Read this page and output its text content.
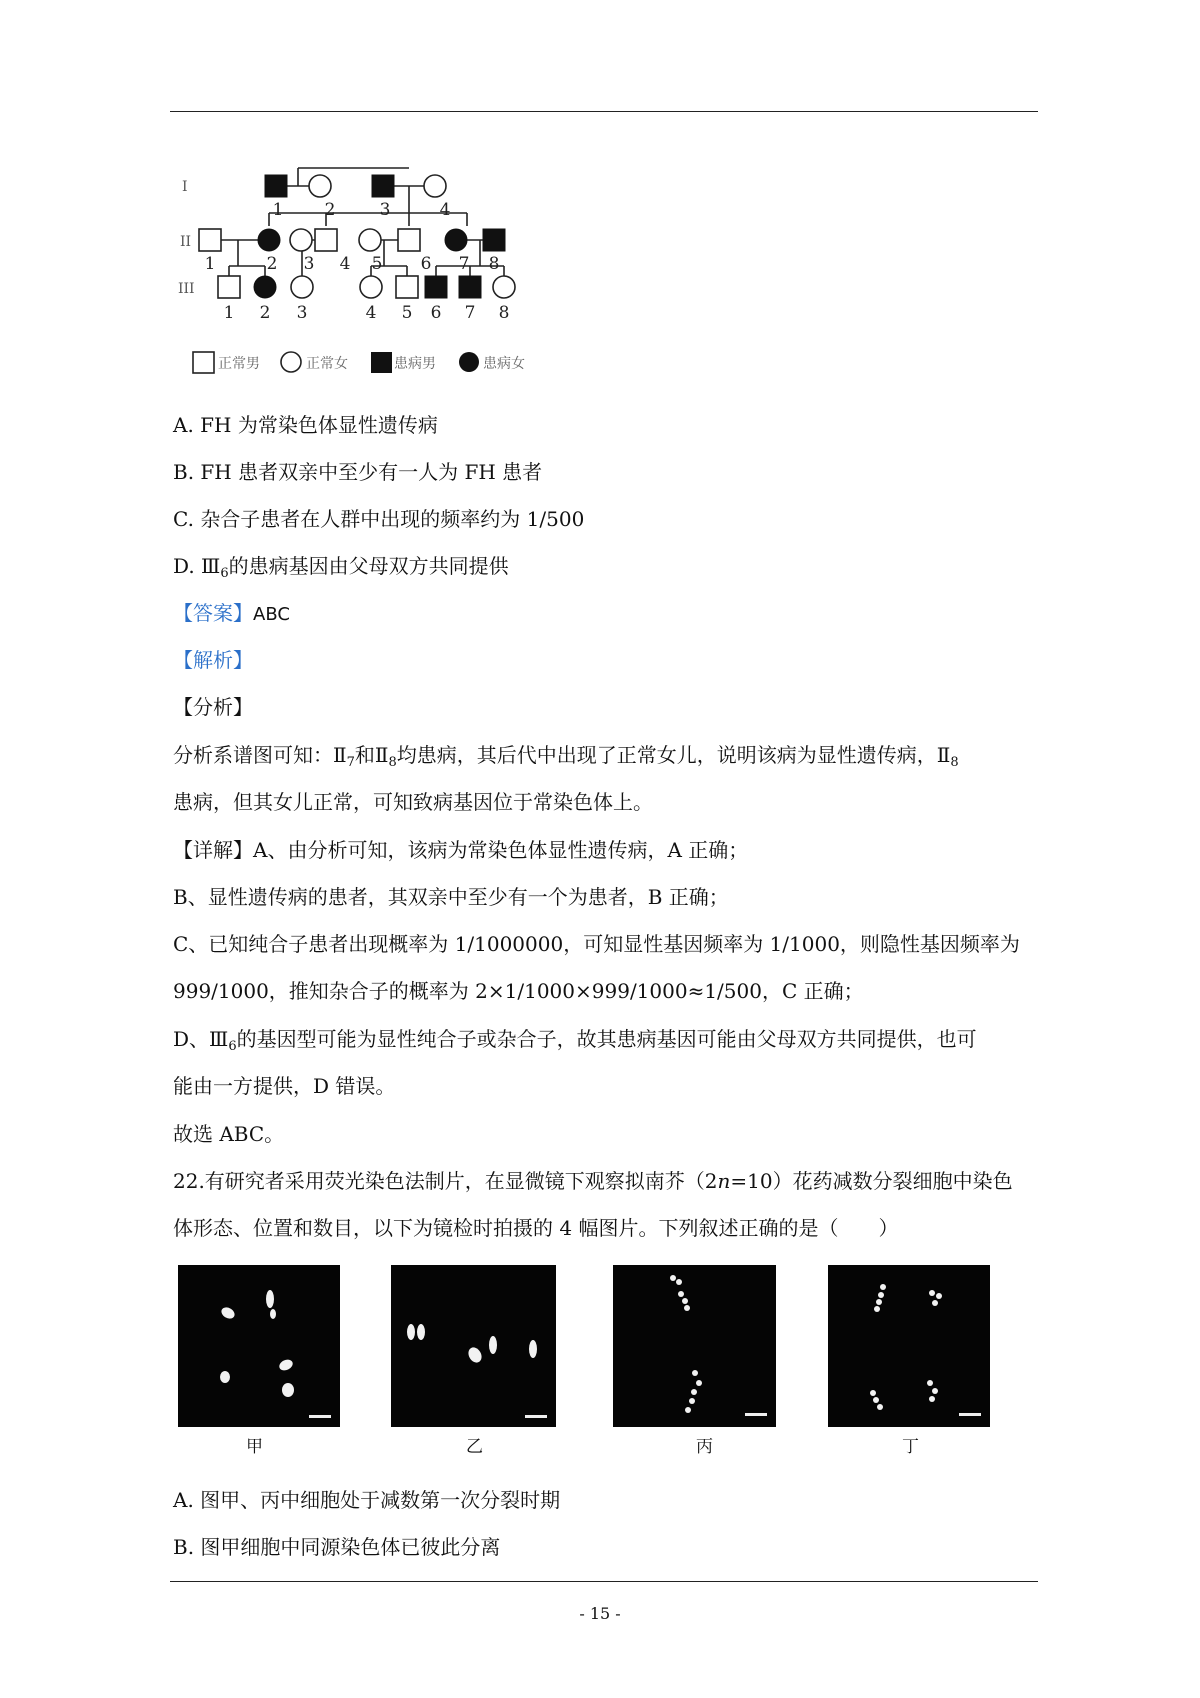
I
II
III
1 2	3	4
1	2 3 4 5 6 7 8
1 2 3	4 5 6 7 8
正常男	正常女	患病男	患病女
A. FH 为常染色体显性遗传病
B. FH 患者双亲中至少有一人为 FH 患者
C. 杂合子患者在人群中出现的频率约为 1/500
D. $Ⅲ_6$的患病基因由父母双方共同提供
【答案】ABC
【解析】
【分析】
分析系谱图可知：$Ⅱ_7$和$Ⅱ_8$均患病，其后代中出现了正常女儿，说明该病为显性遗传病，$Ⅱ_8$
患病，但其女儿正常，可知致病基因位于常染色体上。
【详解】A、由分析可知，该病为常染色体显性遗传病，A 正确；
B、显性遗传病的患者，其双亲中至少有一个为患者，B 正确；
C、已知纯合子患者出现概率为 1/1000000，可知显性基因频率为 1/1000，则隐性基因频率为
999/1000，推知杂合子的概率为 2×1/1000×999/1000≈1/500，C 正确；
D、$Ⅲ_6$的基因型可能为显性纯合子或杂合子，故其患病基因可能由父母双方共同提供，也可
能由一方提供，D 错误。
故选 ABC。
22.有研究者采用荧光染色法制片，在显微镜下观察拟南芥（2n=10）花药减数分裂细胞中染色
体形态、位置和数目，以下为镜检时拍摄的 4 幅图片。下列叙述正确的是（　　）
甲	乙	丙	丁
A. 图甲、丙中细胞处于减数第一次分裂时期
B. 图甲细胞中同源染色体已彼此分离
- 15 -
